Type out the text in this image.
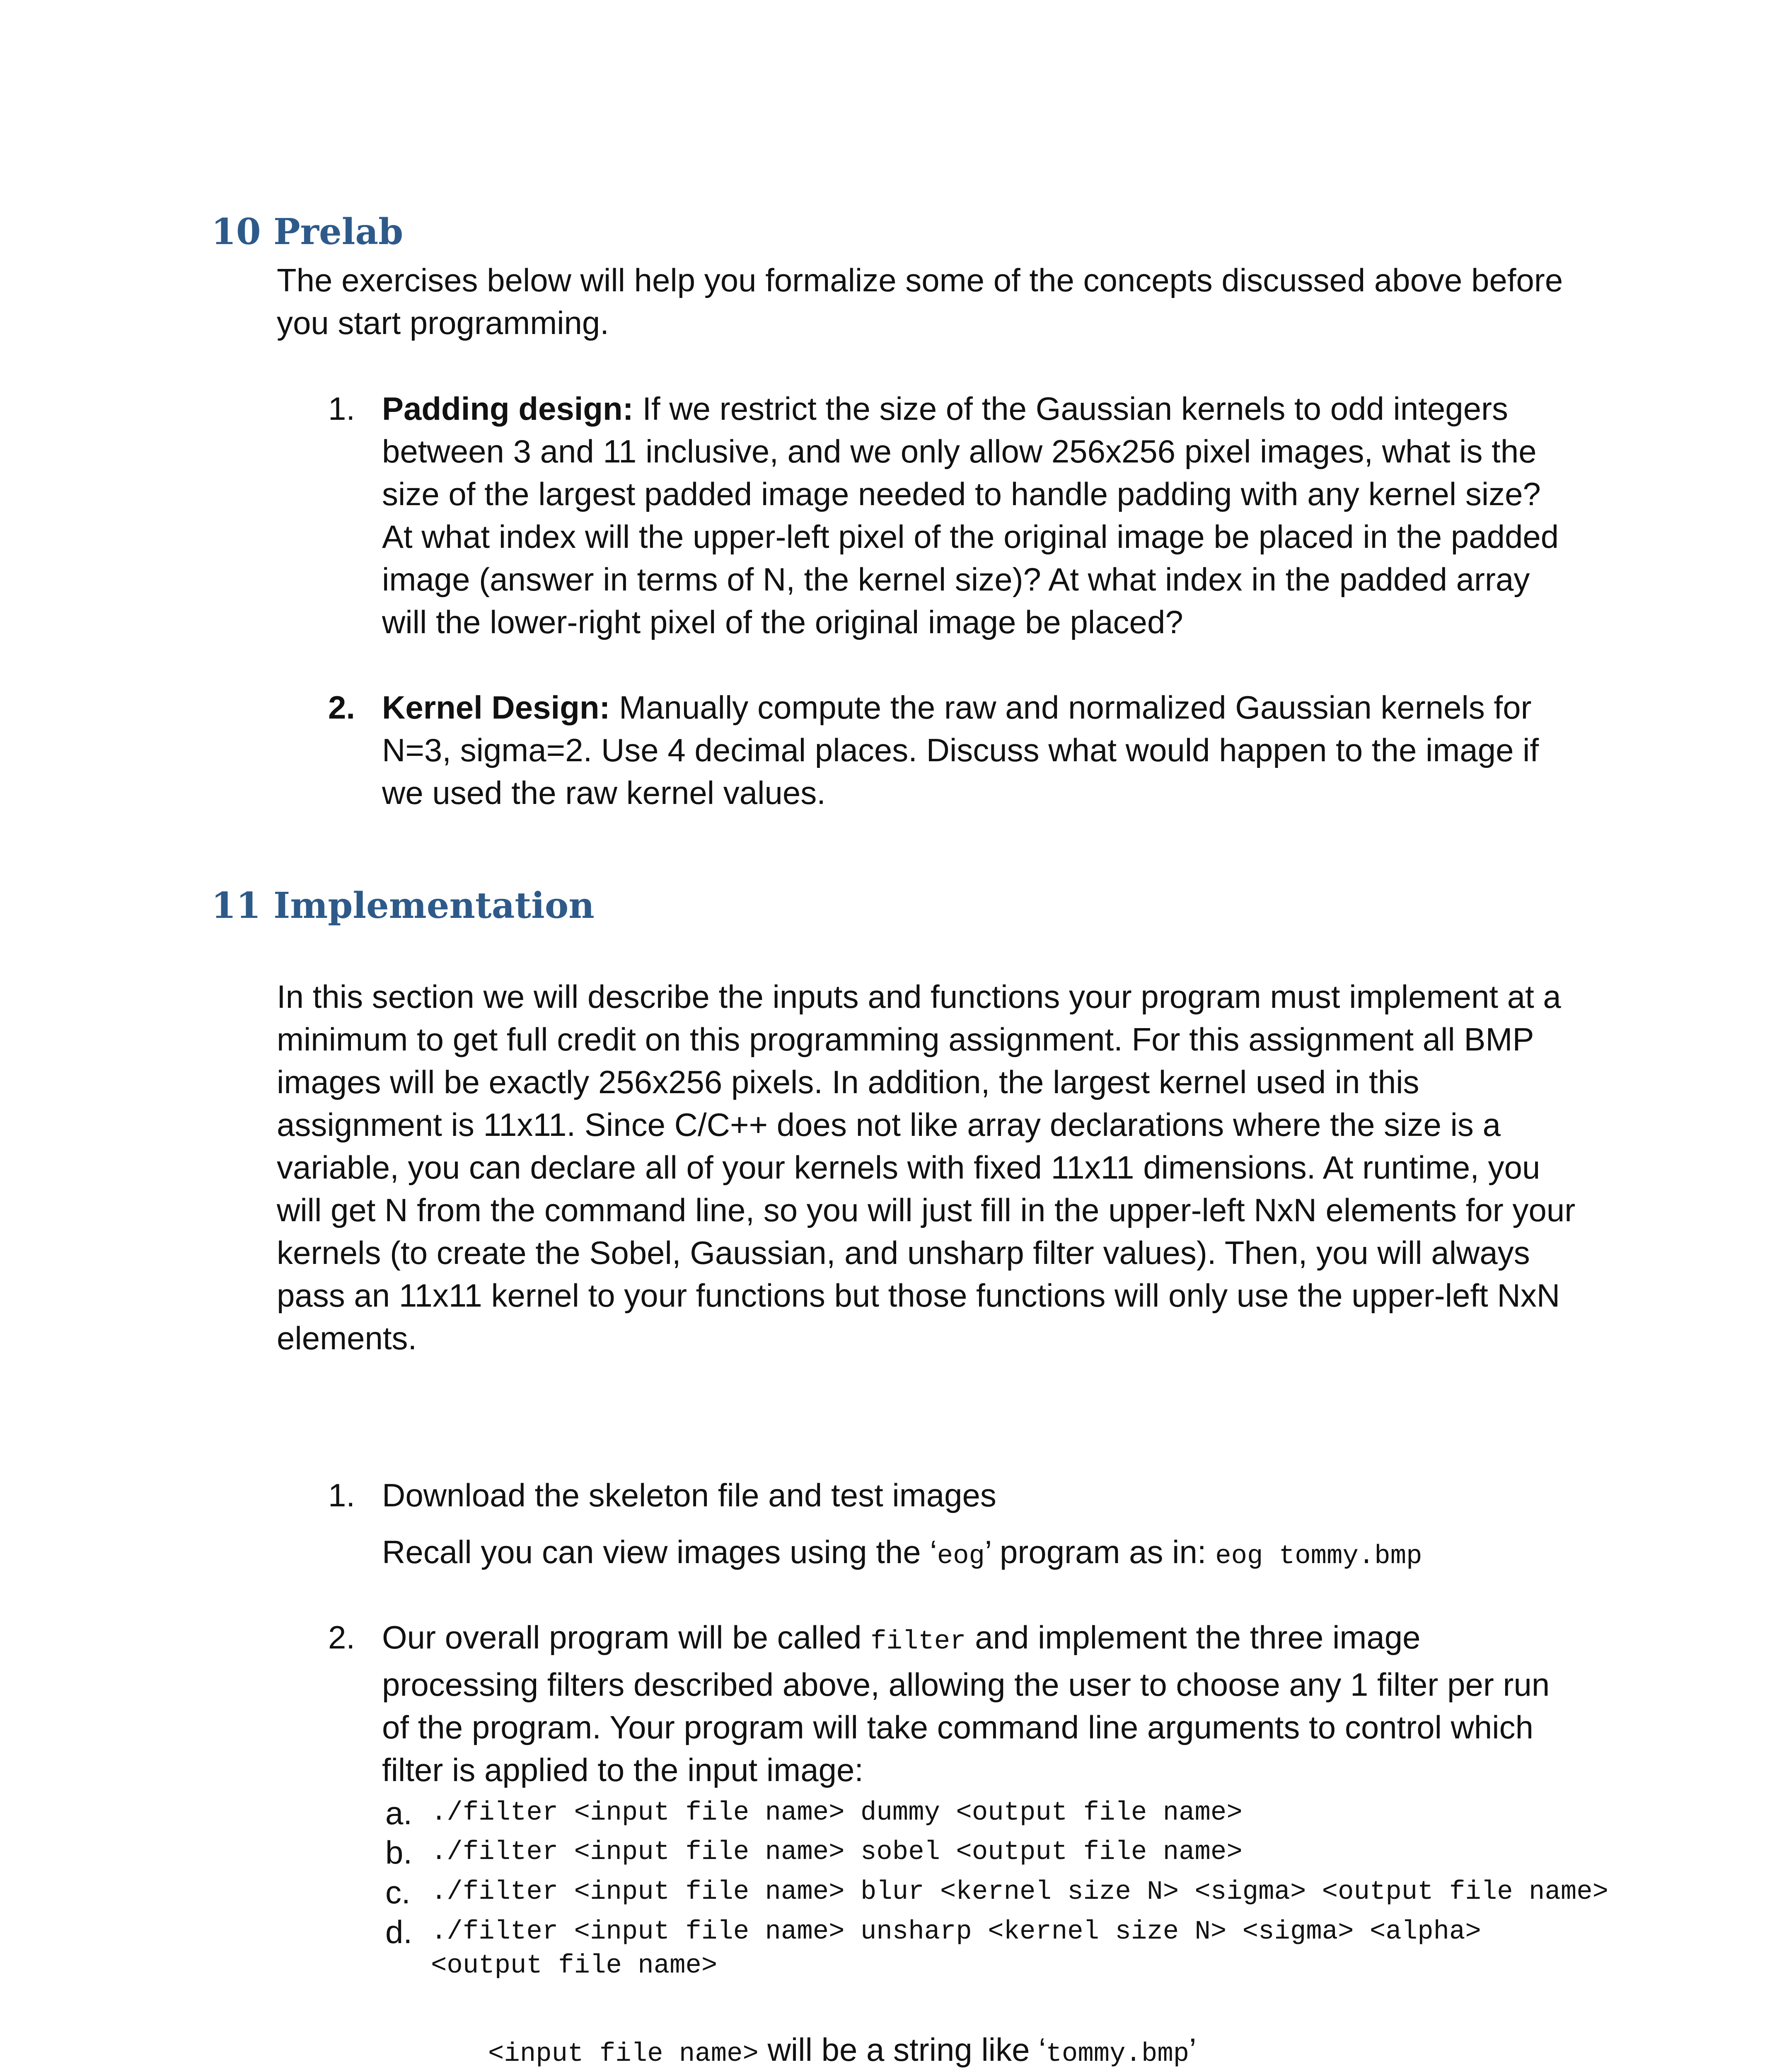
10 Prelab

The exercises below will help you formalize some of the concepts discussed above before you start programming.

1. Padding design: If we restrict the size of the Gaussian kernels to odd integers between 3 and 11 inclusive, and we only allow 256x256 pixel images, what is the size of the largest padded image needed to handle padding with any kernel size? At what index will the upper-left pixel of the original image be placed in the padded image (answer in terms of N, the kernel size)? At what index in the padded array will the lower-right pixel of the original image be placed?
2. Kernel Design: Manually compute the raw and normalized Gaussian kernels for N=3, sigma=2. Use 4 decimal places. Discuss what would happen to the image if we used the raw kernel values.
11 Implementation

In this section we will describe the inputs and functions your program must implement at a minimum to get full credit on this programming assignment. For this assignment all BMP images will be exactly 256x256 pixels. In addition, the largest kernel used in this assignment is 11x11. Since C/C++ does not like array declarations where the size is a variable, you can declare all of your kernels with fixed 11x11 dimensions. At runtime, you will get N from the command line, so you will just fill in the upper-left NxN elements for your kernels (to create the Sobel, Gaussian, and unsharp filter values). Then, you will always pass an 11x11 kernel to your functions but those functions will only use the upper-left NxN elements.

1. Download the skeleton file and test images
Recall you can view images using the ‘eog’ program as in: eog tommy.bmp
2. Our overall program will be called filter and implement the three image processing filters described above, allowing the user to choose any 1 filter per run of the program. Your program will take command line arguments to control which filter is applied to the input image:
a. ./filter <input file name> dummy <output file name>
b. ./filter <input file name> sobel <output file name>
c. ./filter <input file name> blur <kernel size N> <sigma> <output file name>
d. ./filter <input file name> unsharp <kernel size N> <sigma> <alpha>
<output file name>
<input file name> will be a string like ‘tommy.bmp’
